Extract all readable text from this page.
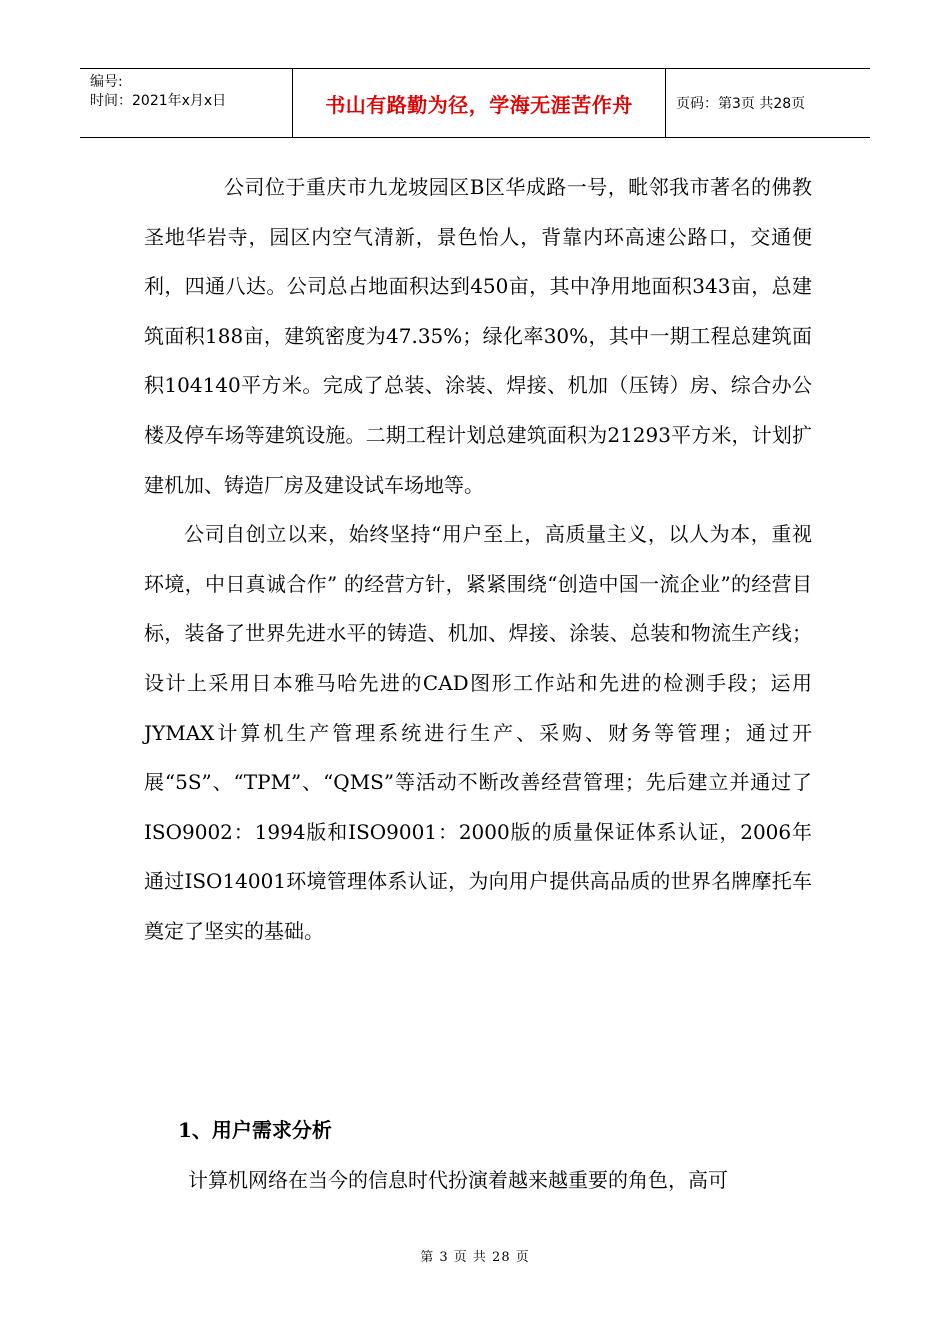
编号:
时间：2021年x月x日	书山有路勤为径，学海无涯苦作舟	页码：第3页 共28页

公司位于重庆市九龙坡园区B区华成路一号，毗邻我市著名的佛教圣地华岩寺，园区内空气清新，景色怡人，背靠内环高速公路口，交通便利，四通八达。公司总占地面积达到450亩，其中净用地面积343亩，总建筑面积188亩，建筑密度为47.35%；绿化率30%，其中一期工程总建筑面积104140平方米。完成了总装、涂装、焊接、机加（压铸）房、综合办公楼及停车场等建筑设施。二期工程计划总建筑面积为21293平方米，计划扩建机加、铸造厂房及建设试车场地等。

公司自创立以来，始终坚持“用户至上，高质量主义，以人为本，重视环境，中日真诚合作” 的经营方针，紧紧围绕“创造中国一流企业”的经营目标，装备了世界先进水平的铸造、机加、焊接、涂装、总装和物流生产线；设计上采用日本雅马哈先进的CAD图形工作站和先进的检测手段；运用JYMAX计算机生产管理系统进行生产、采购、财务等管理；通过开展“5S”、“TPM”、“QMS”等活动不断改善经营管理；先后建立并通过了ISO9002：1994版和ISO9001：2000版的质量保证体系认证，2006年通过ISO14001环境管理体系认证，为向用户提供高品质的世界名牌摩托车奠定了坚实的基础。

1、用户需求分析

计算机网络在当今的信息时代扮演着越来越重要的角色，高可

第 3 页 共 28 页
